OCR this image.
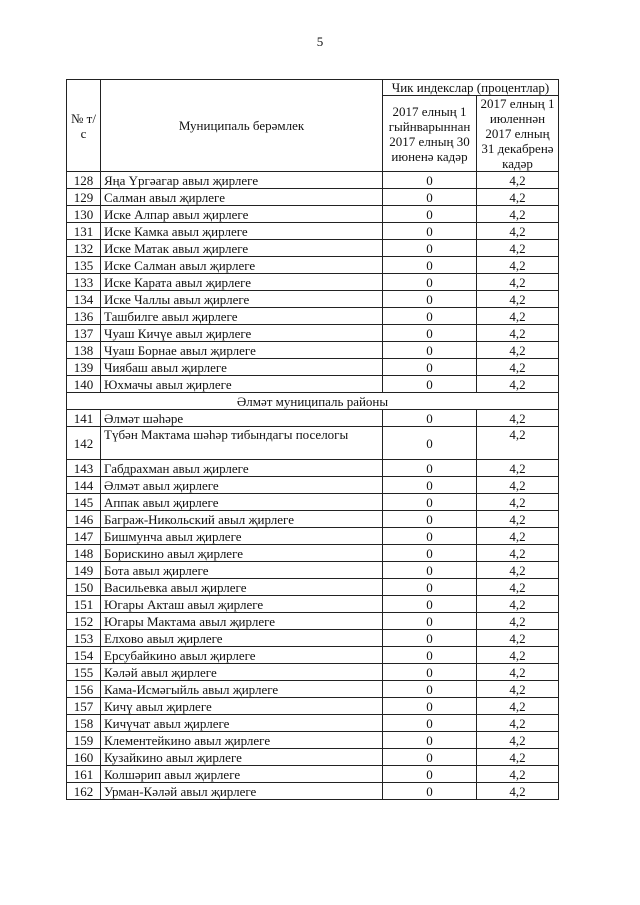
5
№ т/с	Муниципаль берәмлек	Чик индекслар (процентлар)	
		2017 елның 1 гыйнварыннан 2017 елның 30 июненә кадәр	2017 елның 1 июленнән 2017 елның 31 декабренә кадәр
128	Яңа Үргәагар авыл җирлеге	0	4,2
129	Салман авыл җирлеге	0	4,2
130	Иске Алпар авыл җирлеге	0	4,2
131	Иске Камка авыл җирлеге	0	4,2
132	Иске Матак авыл җирлеге	0	4,2
135	Иске Салман авыл җирлеге	0	4,2
133	Иске Карата авыл җирлеге	0	4,2
134	Иске Чаллы авыл җирлеге	0	4,2
136	Ташбилге авыл җирлеге	0	4,2
137	Чуаш Кичүе авыл җирлеге	0	4,2
138	Чуаш Борнае авыл җирлеге	0	4,2
139	Чиябаш авыл җирлеге	0	4,2
140	Юхмачы авыл җирлеге	0	4,2
Әлмәт муниципаль районы			
141	Әлмәт шәһәре	0	4,2
142	Түбән Мактама шәһәр тибындагы поселогы	0	4,2
143	Габдрахман авыл җирлеге	0	4,2
144	Әлмәт авыл җирлеге	0	4,2
145	Аппак авыл җирлеге	0	4,2
146	Баграж-Никольский авыл җирлеге	0	4,2
147	Бишмунча авыл җирлеге	0	4,2
148	Борискино авыл җирлеге	0	4,2
149	Бота авыл җирлеге	0	4,2
150	Васильевка авыл җирлеге	0	4,2
151	Югары Акташ авыл җирлеге	0	4,2
152	Югары Мактама авыл җирлеге	0	4,2
153	Елхово авыл җирлеге	0	4,2
154	Ерсубайкино авыл җирлеге	0	4,2
155	Кәләй авыл җирлеге	0	4,2
156	Кама-Исмәгыйль авыл җирлеге	0	4,2
157	Кичү авыл җирлеге	0	4,2
158	Кичүчат авыл җирлеге	0	4,2
159	Клементейкино авыл җирлеге	0	4,2
160	Кузайкино авыл җирлеге	0	4,2
161	Колшәрип авыл җирлеге	0	4,2
162	Урман-Кәләй авыл җирлеге	0	4,2
